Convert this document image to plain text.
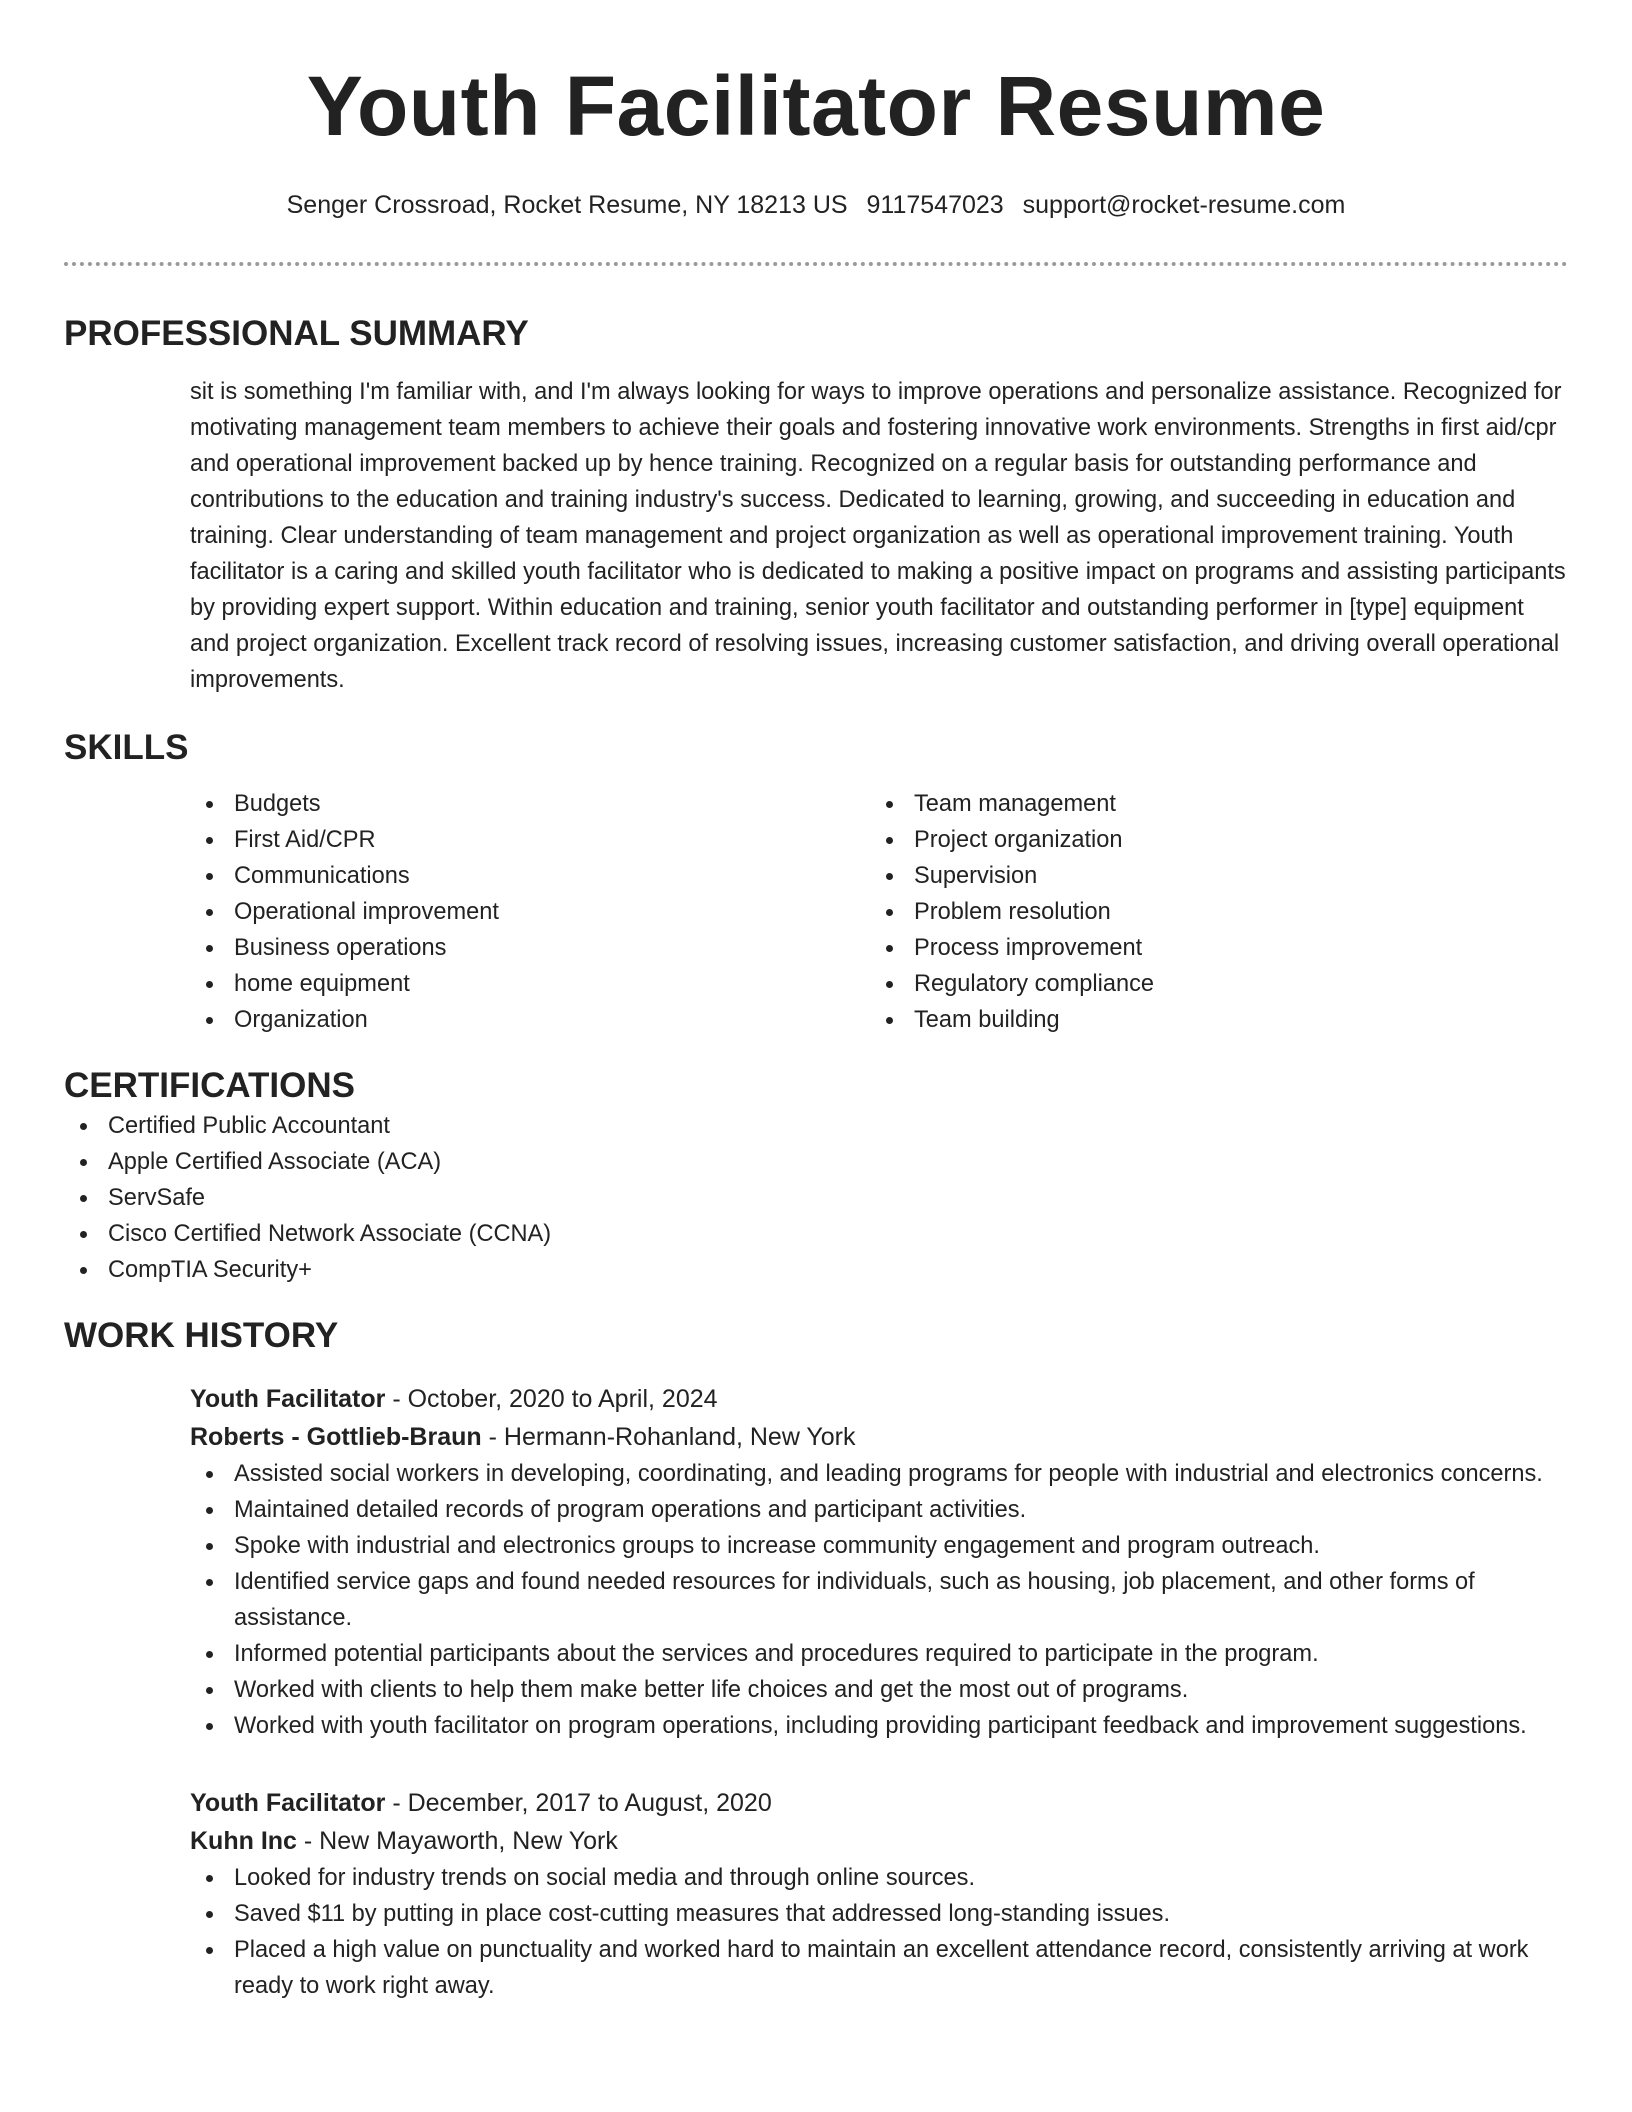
Youth Facilitator Resume
Senger Crossroad, Rocket Resume, NY 18213 US 9117547023 support@rocket-resume.com
PROFESSIONAL SUMMARY

sit is something I'm familiar with, and I'm always looking for ways to improve operations and personalize assistance. Recognized for motivating management team members to achieve their goals and fostering innovative work environments. Strengths in first aid/cpr and operational improvement backed up by hence training. Recognized on a regular basis for outstanding performance and contributions to the education and training industry's success. Dedicated to learning, growing, and succeeding in education and training. Clear understanding of team management and project organization as well as operational improvement training. Youth facilitator is a caring and skilled youth facilitator who is dedicated to making a positive impact on programs and assisting participants by providing expert support. Within education and training, senior youth facilitator and outstanding performer in [type] equipment and project organization. Excellent track record of resolving issues, increasing customer satisfaction, and driving overall operational improvements.

SKILLS
Budgets
First Aid/CPR
Communications
Operational improvement
Business operations
home equipment
Organization
Team management
Project organization
Supervision
Problem resolution
Process improvement
Regulatory compliance
Team building
CERTIFICATIONS
Certified Public Accountant
Apple Certified Associate (ACA)
ServSafe
Cisco Certified Network Associate (CCNA)
CompTIA Security+
WORK HISTORY
Youth Facilitator - October, 2020 to April, 2024
Roberts - Gottlieb-Braun - Hermann-Rohanland, New York
Assisted social workers in developing, coordinating, and leading programs for people with industrial and electronics concerns.
Maintained detailed records of program operations and participant activities.
Spoke with industrial and electronics groups to increase community engagement and program outreach.
Identified service gaps and found needed resources for individuals, such as housing, job placement, and other forms of assistance.
Informed potential participants about the services and procedures required to participate in the program.
Worked with clients to help them make better life choices and get the most out of programs.
Worked with youth facilitator on program operations, including providing participant feedback and improvement suggestions.
Youth Facilitator - December, 2017 to August, 2020
Kuhn Inc - New Mayaworth, New York
Looked for industry trends on social media and through online sources.
Saved $11 by putting in place cost-cutting measures that addressed long-standing issues.
Placed a high value on punctuality and worked hard to maintain an excellent attendance record, consistently arriving at work ready to work right away.
